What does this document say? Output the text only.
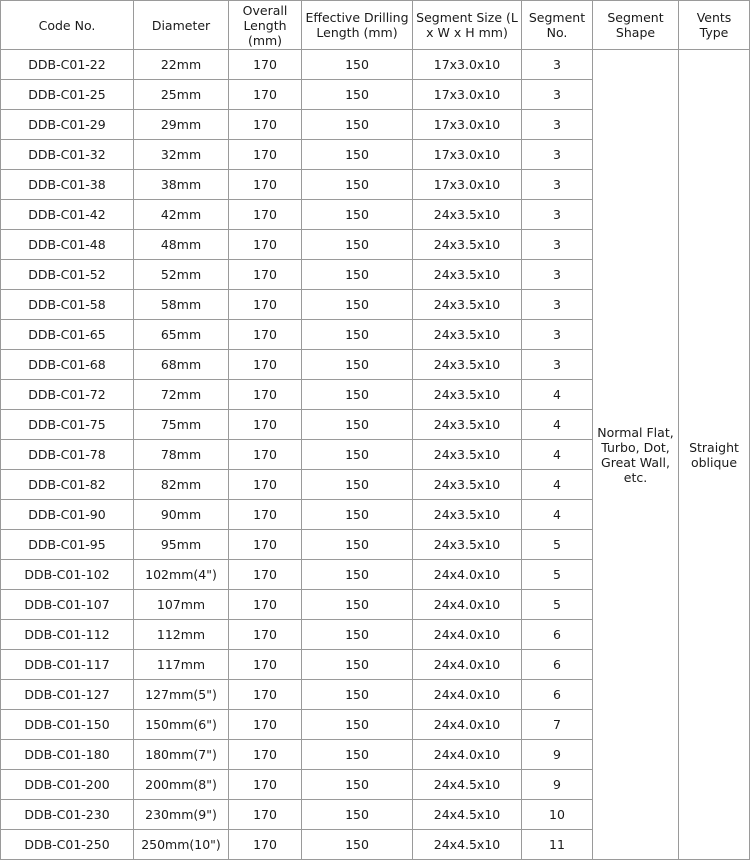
Code No.	Diameter	Overall Length (mm)	Effective Drilling Length (mm)	Segment Size (L x W x H mm)	Segment No.	Segment Shape	Vents Type
DDB-C01-22	22mm	170	150	17x3.0x10	3	Normal Flat, Turbo, Dot, Great Wall, etc.	Straight oblique
DDB-C01-25	25mm	170	150	17x3.0x10	3		
DDB-C01-29	29mm	170	150	17x3.0x10	3		
DDB-C01-32	32mm	170	150	17x3.0x10	3		
DDB-C01-38	38mm	170	150	17x3.0x10	3		
DDB-C01-42	42mm	170	150	24x3.5x10	3		
DDB-C01-48	48mm	170	150	24x3.5x10	3		
DDB-C01-52	52mm	170	150	24x3.5x10	3		
DDB-C01-58	58mm	170	150	24x3.5x10	3		
DDB-C01-65	65mm	170	150	24x3.5x10	3		
DDB-C01-68	68mm	170	150	24x3.5x10	3		
DDB-C01-72	72mm	170	150	24x3.5x10	4		
DDB-C01-75	75mm	170	150	24x3.5x10	4		
DDB-C01-78	78mm	170	150	24x3.5x10	4		
DDB-C01-82	82mm	170	150	24x3.5x10	4		
DDB-C01-90	90mm	170	150	24x3.5x10	4		
DDB-C01-95	95mm	170	150	24x3.5x10	5		
DDB-C01-102	102mm(4")	170	150	24x4.0x10	5		
DDB-C01-107	107mm	170	150	24x4.0x10	5		
DDB-C01-112	112mm	170	150	24x4.0x10	6		
DDB-C01-117	117mm	170	150	24x4.0x10	6		
DDB-C01-127	127mm(5")	170	150	24x4.0x10	6		
DDB-C01-150	150mm(6")	170	150	24x4.0x10	7		
DDB-C01-180	180mm(7")	170	150	24x4.0x10	9		
DDB-C01-200	200mm(8")	170	150	24x4.5x10	9		
DDB-C01-230	230mm(9")	170	150	24x4.5x10	10		
DDB-C01-250	250mm(10")	170	150	24x4.5x10	11		
